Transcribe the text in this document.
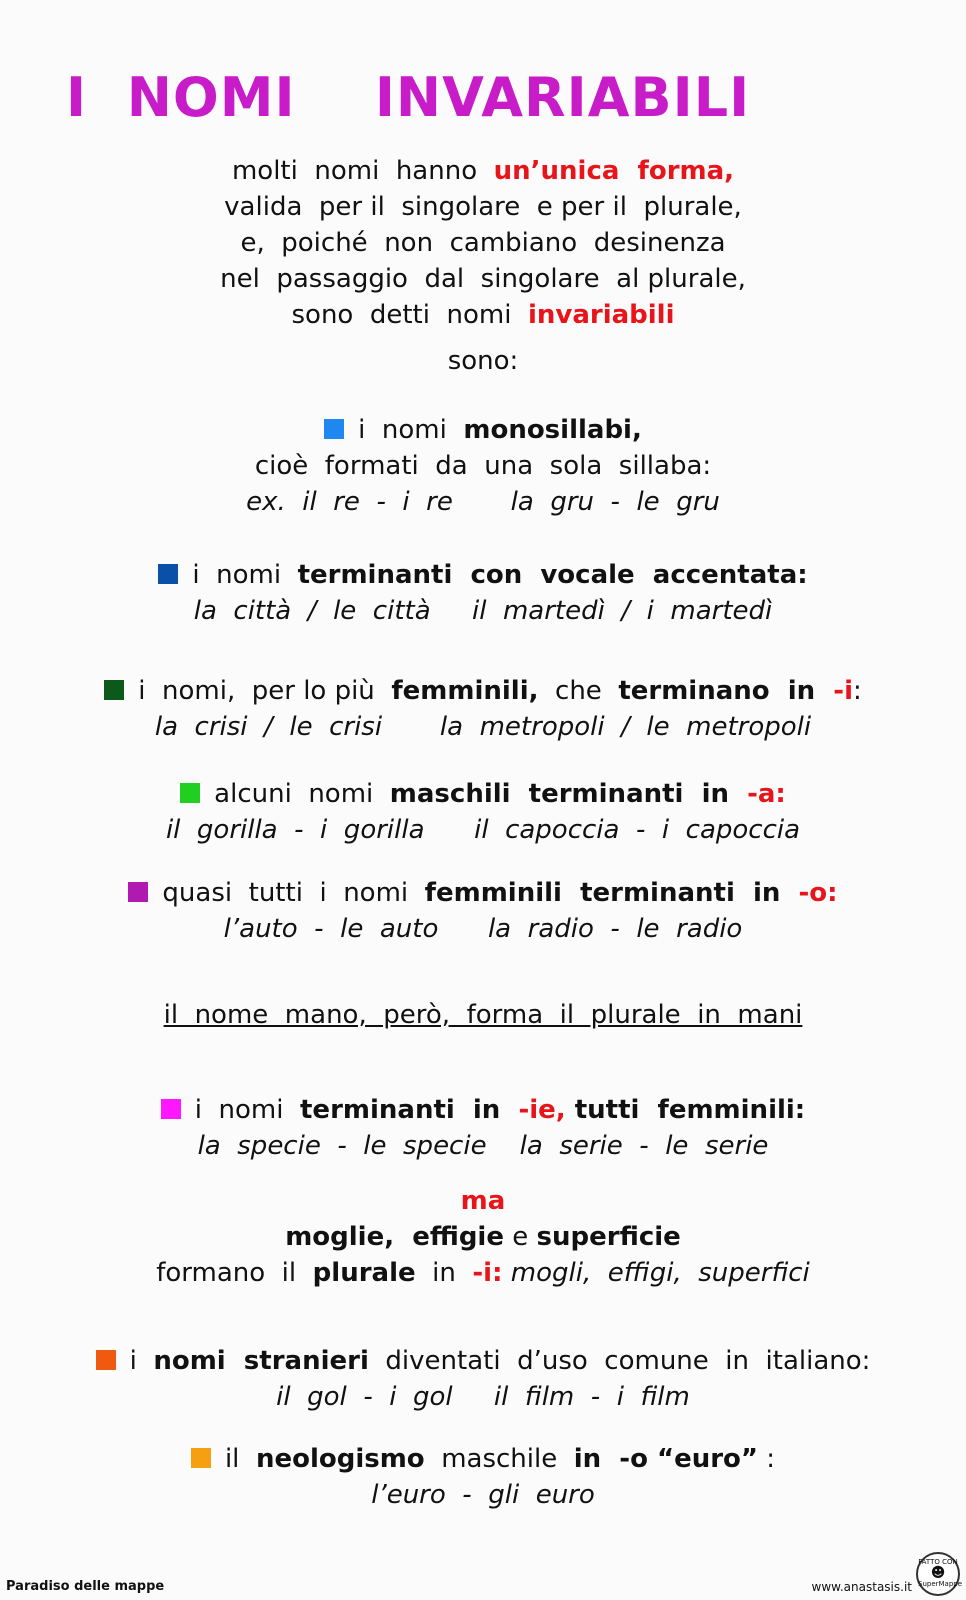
I  NOMI    INVARIABILI
molti  nomi  hanno  un’unica  forma,
valida  per il  singolare  e per il  plurale,
e,  poiché  non  cambiano  desinenza
nel  passaggio  dal  singolare  al plurale,
sono  detti  nomi  invariabili
sono:
i  nomi  monosillabi,
cioè  formati  da  una  sola  sillaba:
ex.  il  re  -  i  re       la  gru  -  le  gru
i  nomi  terminanti  con  vocale  accentata:
la  città  /  le  città     il  martedì  /  i  martedì
i  nomi,  per lo più  femminili,  che  terminano  in  -i:
la  crisi  /  le  crisi       la  metropoli  /  le  metropoli
alcuni  nomi  maschili  terminanti  in  -a:
il  gorilla  -  i  gorilla      il  capoccia  -  i  capoccia
quasi  tutti  i  nomi  femminili  terminanti  in  -o:
l’auto  -  le  auto      la  radio  -  le  radio
il  nome  mano,  però,  forma  il  plurale  in  mani
i  nomi  terminanti  in  -ie, tutti  femminili:
la  specie  -  le  specie    la  serie  -  le  serie
ma
moglie,  effigie e superficie
formano  il  plurale  in  -i: mogli,  effigi,  superfici
i  nomi  stranieri  diventati  d’uso  comune  in  italiano:
il  gol  -  i  gol     il  film  -  i  film
il  neologismo  maschile  in  -o “euro” :
l’euro  -  gli  euro
Paradiso delle mappe	www.anastasis.it
FATTO CON
☻
SuperMappe
